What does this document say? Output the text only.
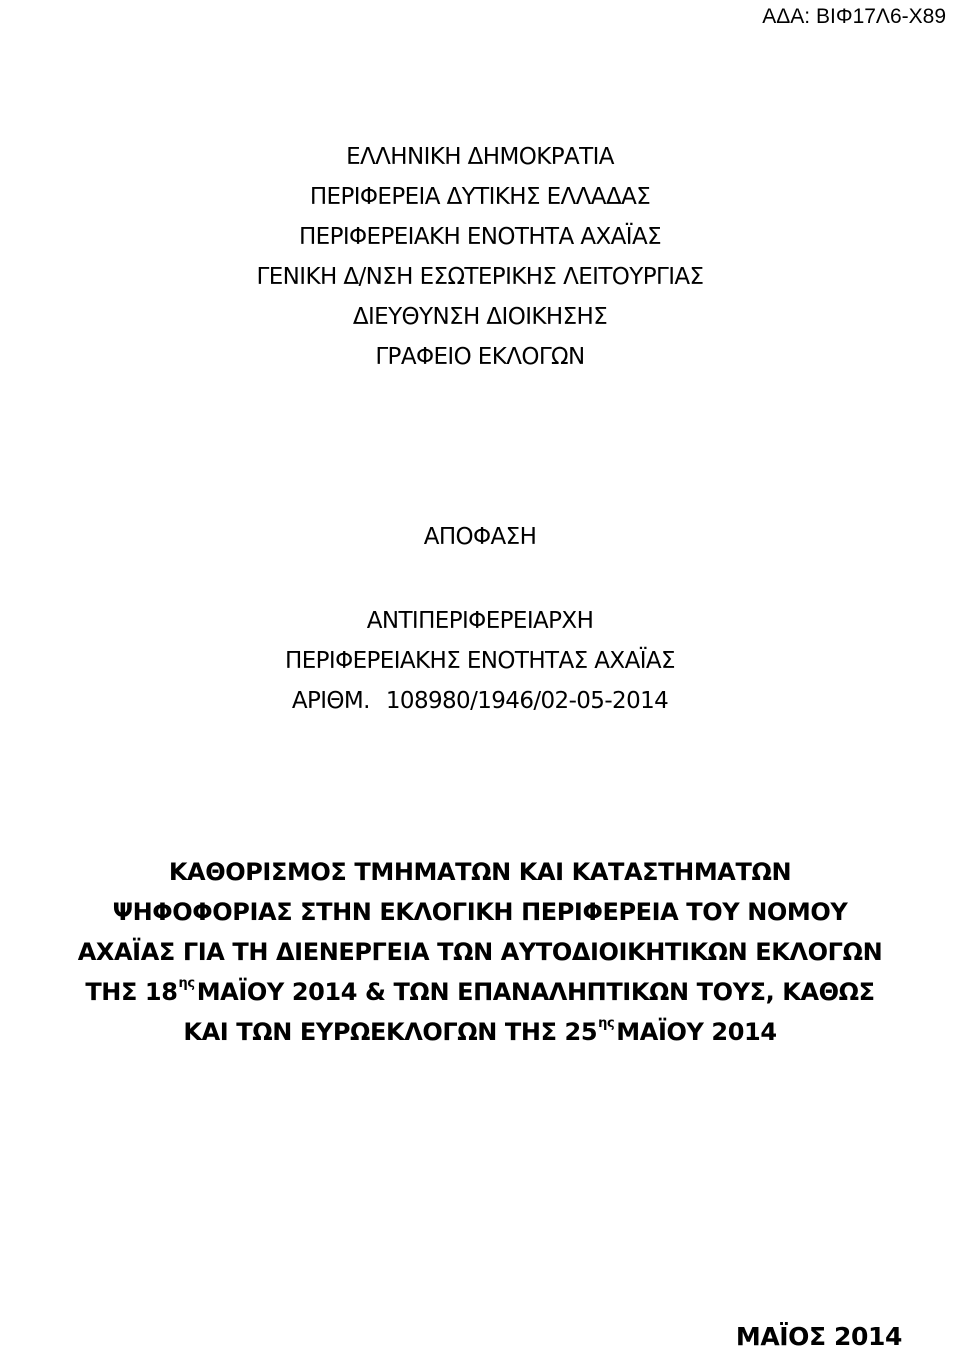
ΑΔΑ: ΒΙΦ17Λ6-Χ89
ΕΛΛΗΝΙΚΗ ΔΗΜΟΚΡΑΤΙΑ
ΠΕΡΙΦΕΡΕΙΑ ΔΥΤΙΚΗΣ ΕΛΛΑΔΑΣ
ΠΕΡΙΦΕΡΕΙΑΚΗ ΕΝΟΤΗΤΑ ΑΧΑΪΑΣ
ΓΕΝΙΚΗ Δ/ΝΣΗ ΕΣΩΤΕΡΙΚΗΣ ΛΕΙΤΟΥΡΓΙΑΣ
ΔΙΕΥΘΥΝΣΗ ΔΙΟΙΚΗΣΗΣ
ΓΡΑΦΕΙΟ ΕΚΛΟΓΩΝ
ΑΠΟΦΑΣΗ
ΑΝΤΙΠΕΡΙΦΕΡΕΙΑΡΧΗ
ΠΕΡΙΦΕΡΕΙΑΚΗΣ ΕΝΟΤΗΤΑΣ ΑΧΑΪΑΣ
ΑΡΙΘΜ. 108980/1946/02-05-2014
ΚΑΘΟΡΙΣΜΟΣ ΤΜΗΜΑΤΩΝ ΚΑΙ ΚΑΤΑΣΤΗΜΑΤΩΝ
ΨΗΦΟΦΟΡΙΑΣ ΣΤΗΝ ΕΚΛΟΓΙΚΗ ΠΕΡΙΦΕΡΕΙΑ ΤΟΥ ΝΟΜΟΥ
ΑΧΑΪΑΣ ΓΙΑ ΤΗ ΔΙΕΝΕΡΓΕΙΑ ΤΩΝ ΑΥΤΟΔΙΟΙΚΗΤΙΚΩΝ ΕΚΛΟΓΩΝ
ΤΗΣ $18^{\eta\varsigma}MAΪO\Upsilon$ 2014 & ΤΩΝ ΕΠΑΝΑΛΗΠΤΙΚΩΝ ΤΟΥΣ, ΚΑΘΩΣ
ΚΑΙ ΤΩΝ ΕΥΡΩΕΚΛΟΓΩΝ ΤΗΣ $25^{\eta\varsigma}MAΪO\Upsilon$ 2014
ΜΑΪΟΣ 2014
